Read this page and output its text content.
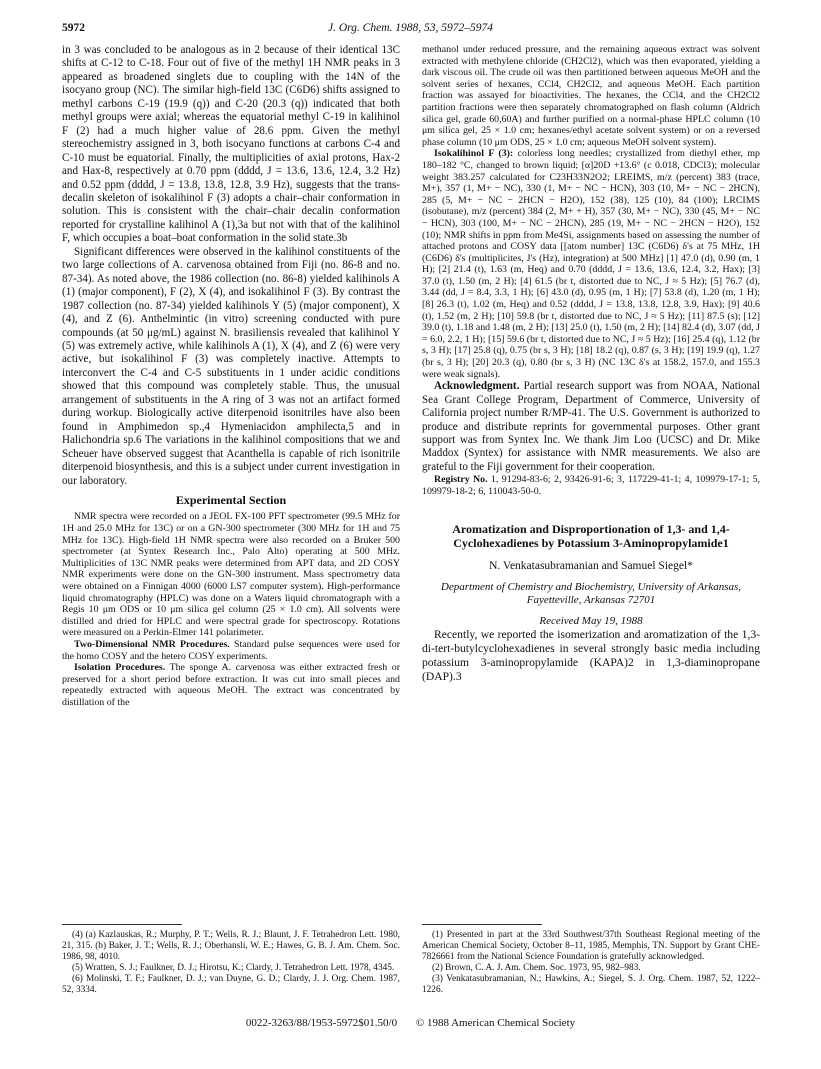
5972	J. Org. Chem. 1988, 53, 5972–5974

in 3 was concluded to be analogous as in 2 because of their identical 13C shifts at C-12 to C-18. Four out of five of the methyl 1H NMR peaks in 3 appeared as broadened singlets due to coupling with the 14N of the isocyano group (NC). The similar high-field 13C (C6D6) shifts assigned to methyl carbons C-19 (19.9 (q)) and C-20 (20.3 (q)) indicated that both methyl groups were axial; whereas the equatorial methyl C-19 in kalihinol F (2) had a much higher value of 28.6 ppm. Given the methyl stereochemistry assigned in 3, both isocyano functions at carbons C-4 and C-10 must be equatorial. Finally, the multiplicities of axial protons, Hax-2 and Hax-8, respectively at 0.70 ppm (dddd, J = 13.6, 13.6, 12.4, 3.2 Hz) and 0.52 ppm (dddd, J = 13.8, 13.8, 12.8, 3.9 Hz), suggests that the trans-decalin skeleton of isokalihinol F (3) adopts a chair–chair conformation in solution. This is consistent with the chair–chair decalin conformation reported for crystalline kalihinol A (1),3a but not with that of the kalihinol F, which occupies a boat–boat conformation in the solid state.3b

Significant differences were observed in the kalihinol constituents of the two large collections of A. carvenosa obtained from Fiji (no. 86-8 and no. 87-34). As noted above, the 1986 collection (no. 86-8) yielded kalihinols A (1) (major component), F (2), X (4), and isokalihinol F (3). By contrast the 1987 collection (no. 87-34) yielded kalihinols Y (5) (major component), X (4), and Z (6). Anthelmintic (in vitro) screening conducted with pure compounds (at 50 μg/mL) against N. brasiliensis revealed that kalihinol Y (5) was extremely active, while kalihinols A (1), X (4), and Z (6) were very active, but isokalihinol F (3) was completely inactive. Attempts to interconvert the C-4 and C-5 substituents in 1 under acidic conditions showed that this compound was completely stable. Thus, the unusual arrangement of substituents in the A ring of 3 was not an artifact formed during workup. Biologically active diterpenoid isonitriles have also been found in Amphimedon sp.,4 Hymeniacidon amphilecta,5 and in Halichondria sp.6 The variations in the kalihinol compositions that we and Scheuer have observed suggest that Acanthella is capable of rich isonitrile diterpenoid biosynthesis, and this is a subject under current investigation in our laboratory.

Experimental Section

NMR spectra were recorded on a JEOL FX-100 PFT spectrometer (99.5 MHz for 1H and 25.0 MHz for 13C) or on a GN-300 spectrometer (300 MHz for 1H and 75 MHz for 13C). High-field 1H NMR spectra were also recorded on a Bruker 500 spectrometer (at Syntex Research Inc., Palo Alto) operating at 500 MHz. Multiplicities of 13C NMR peaks were determined from APT data, and 2D COSY NMR experiments were done on the GN-300 instrument. Mass spectrometry data were obtained on a Finnigan 4000 (6000 LS7 computer system). High-performance liquid chromatography (HPLC) was done on a Waters liquid chromatograph with a Regis 10 μm ODS or 10 μm silica gel column (25 × 1.0 cm). All solvents were distilled and dried for HPLC and were spectral grade for spectroscopy. Rotations were measured on a Perkin-Elmer 141 polarimeter.

Two-Dimensional NMR Procedures. Standard pulse sequences were used for the homo COSY and the hetero COSY experiments.

Isolation Procedures. The sponge A. carvenosa was either extracted fresh or preserved for a short period before extraction. It was cut into small pieces and repeatedly extracted with aqueous MeOH. The extract was concentrated by distillation of the

methanol under reduced pressure, and the remaining aqueous extract was solvent extracted with methylene chloride (CH2Cl2), which was then evaporated, yielding a dark viscous oil. The crude oil was then partitioned between aqueous MeOH and the solvent series of hexanes, CCl4, CH2Cl2, and aqueous MeOH. Each partition fraction was assayed for bioactivities. The hexanes, the CCl4, and the CH2Cl2 partition fractions were then separately chromatographed on flash column (Aldrich silica gel, grade 60,60A) and further purified on a normal-phase HPLC column (10 μm silica gel, 25 × 1.0 cm; hexanes/ethyl acetate solvent system) or on a reversed phase column (10 μm ODS, 25 × 1.0 cm; aqueous MeOH solvent system).

Isokalihinol F (3): colorless long needles; crystallized from diethyl ether, mp 180–182 °C, changed to brown liquid; [α]20D +13.6° (c 0.018, CDCl3); molecular weight 383.257 calculated for C23H33N2O2; LREIMS, m/z (percent) 383 (trace, M+), 357 (1, M+ − NC), 330 (1, M+ − NC − HCN), 303 (10, M+ − NC − 2HCN), 285 (5, M+ − NC − 2HCN − H2O), 152 (38), 125 (10), 84 (100); LRCIMS (isobutane), m/z (percent) 384 (2, M+ + H), 357 (30, M+ − NC), 330 (45, M+ − NC − HCN), 303 (100, M+ − NC − 2HCN), 285 (19, M+ − NC − 2HCN − H2O), 152 (10); NMR shifts in ppm from Me4Si, assignments based on assessing the number of attached protons and COSY data [[atom number] 13C (C6D6) δ's at 75 MHz, 1H (C6D6) δ's (multiplicites, J's (Hz), integration) at 500 MHz] [1] 47.0 (d), 0.90 (m, 1 H); [2] 21.4 (t), 1.63 (m, Heq) and 0.70 (dddd, J = 13.6, 13.6, 12.4, 3.2, Hax); [3] 37.0 (t), 1.50 (m, 2 H); [4] 61.5 (br t, distorted due to NC, J ≈ 5 Hz); [5] 76.7 (d), 3.44 (dd, J = 8.4, 3.3, 1 H); [6] 43.0 (d), 0.95 (m, 1 H); [7] 53.8 (d), 1.20 (m, 1 H); [8] 26.3 (t), 1.02 (m, Heq) and 0.52 (dddd, J = 13.8, 13.8, 12.8, 3.9, Hax); [9] 40.6 (t), 1.52 (m, 2 H); [10] 59.8 (br t, distorted due to NC, J ≈ 5 Hz); [11] 87.5 (s); [12] 39.0 (t), 1.18 and 1.48 (m, 2 H); [13] 25.0 (t), 1.50 (m, 2 H); [14] 82.4 (d), 3.07 (dd, J = 6.0, 2.2, 1 H); [15] 59.6 (br t, distorted due to NC, J ≈ 5 Hz); [16] 25.4 (q), 1.12 (br s, 3 H); [17] 25.8 (q), 0.75 (br s, 3 H); [18] 18.2 (q), 0.87 (s, 3 H); [19] 19.9 (q), 1.27 (br s, 3 H); [20] 20.3 (q), 0.80 (br s, 3 H) (NC 13C δ's at 158.2, 157.0, and 155.3 were weak signals).

Acknowledgment. Partial research support was from NOAA, National Sea Grant College Program, Department of Commerce, University of California project number R/MP-41. The U.S. Government is authorized to produce and distribute reprints for governmental purposes. Other grant support was from Syntex Inc. We thank Jim Loo (UCSC) and Dr. Mike Maddox (Syntex) for assistance with NMR measurements. We also are grateful to the Fiji government for their cooperation.

Registry No. 1, 91294-83-6; 2, 93426-91-6; 3, 117229-41-1; 4, 109979-17-1; 5, 109979-18-2; 6, 110043-50-0.

Aromatization and Disproportionation of 1,3- and 1,4-Cyclohexadienes by Potassium 3-Aminopropylamide1
N. Venkatasubramanian and Samuel Siegel*
Department of Chemistry and Biochemistry, University of Arkansas, Fayetteville, Arkansas 72701
Received May 19, 1988

Recently, we reported the isomerization and aromatization of the 1,3-di-tert-butylcyclohexadienes in several strongly basic media including potassium 3-aminopropylamide (KAPA)2 in 1,3-diaminopropane (DAP).3

(4) (a) Kazlauskas, R.; Murphy, P. T.; Wells, R. J.; Blaunt, J. F. Tetrahedron Lett. 1980, 21, 315. (b) Baker, J. T.; Wells, R. J.; Oberhansli, W. E.; Hawes, G. B. J. Am. Chem. Soc. 1986, 98, 4010.

(5) Wratten, S. J.; Faulkner, D. J.; Hirotsu, K.; Clardy, J. Tetrahedron Lett. 1978, 4345.

(6) Molinski, T. F.; Faulkner, D. J.; van Duyne, G. D.; Clardy, J. J. Org. Chem. 1987, 52, 3334.

(1) Presented in part at the 33rd Southwest/37th Southeast Regional meeting of the American Chemical Society, October 8–11, 1985, Memphis, TN. Support by Grant CHE-7826661 from the National Science Foundation is gratefully acknowledged.

(2) Brown, C. A. J. Am. Chem. Soc. 1973, 95, 982–983.

(3) Venkatasubramanian, N.; Hawkins, A.; Siegel, S. J. Org. Chem. 1987, 52, 1222–1226.

0022-3263/88/1953-5972$01.50/0 © 1988 American Chemical Society
